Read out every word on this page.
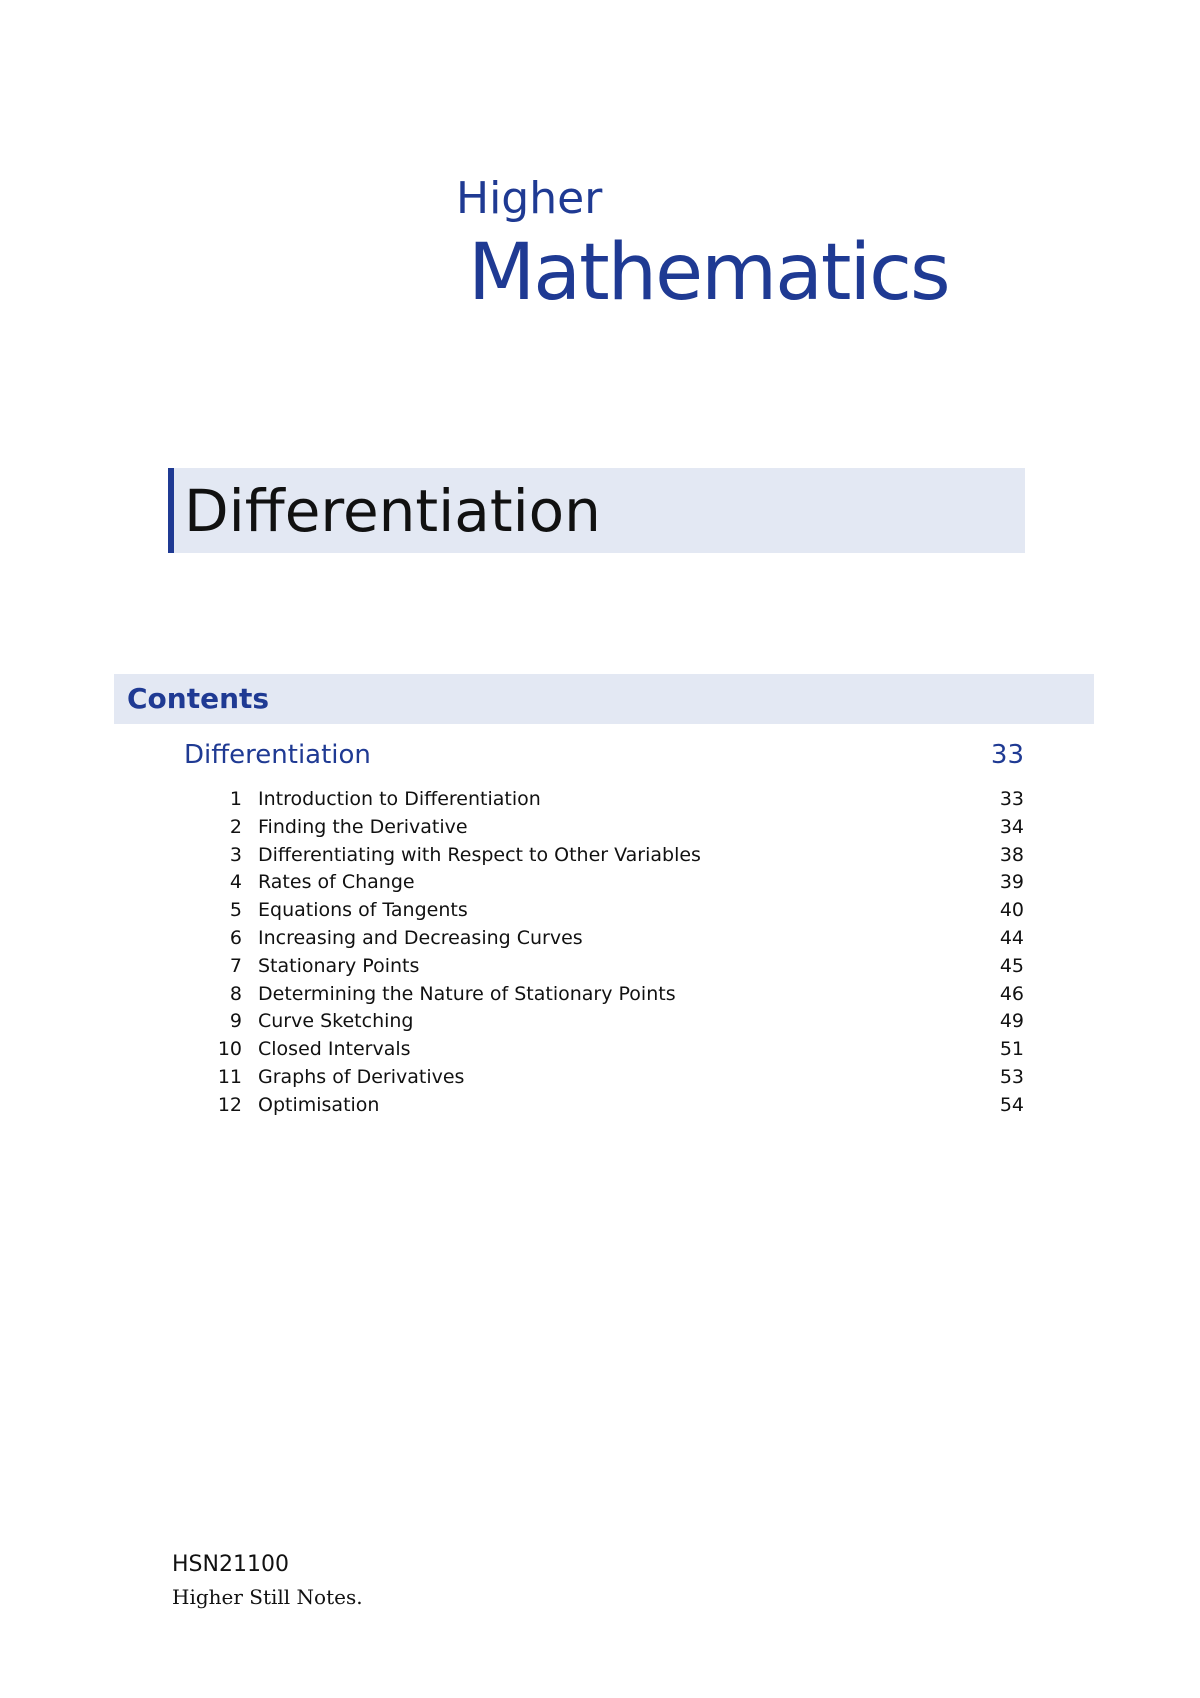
Higher
Mathematics
Differentiation
Contents
Differentiation	33
1 Introduction to Differentiation	33
2 Finding the Derivative	34
3 Differentiating with Respect to Other Variables	38
4 Rates of Change	39
5 Equations of Tangents	40
6 Increasing and Decreasing Curves	44
7 Stationary Points	45
8 Determining the Nature of Stationary Points	46
9 Curve Sketching	49
10 Closed Intervals	51
11 Graphs of Derivatives	53
12 Optimisation	54
HSN21100
Higher Still Notes.
